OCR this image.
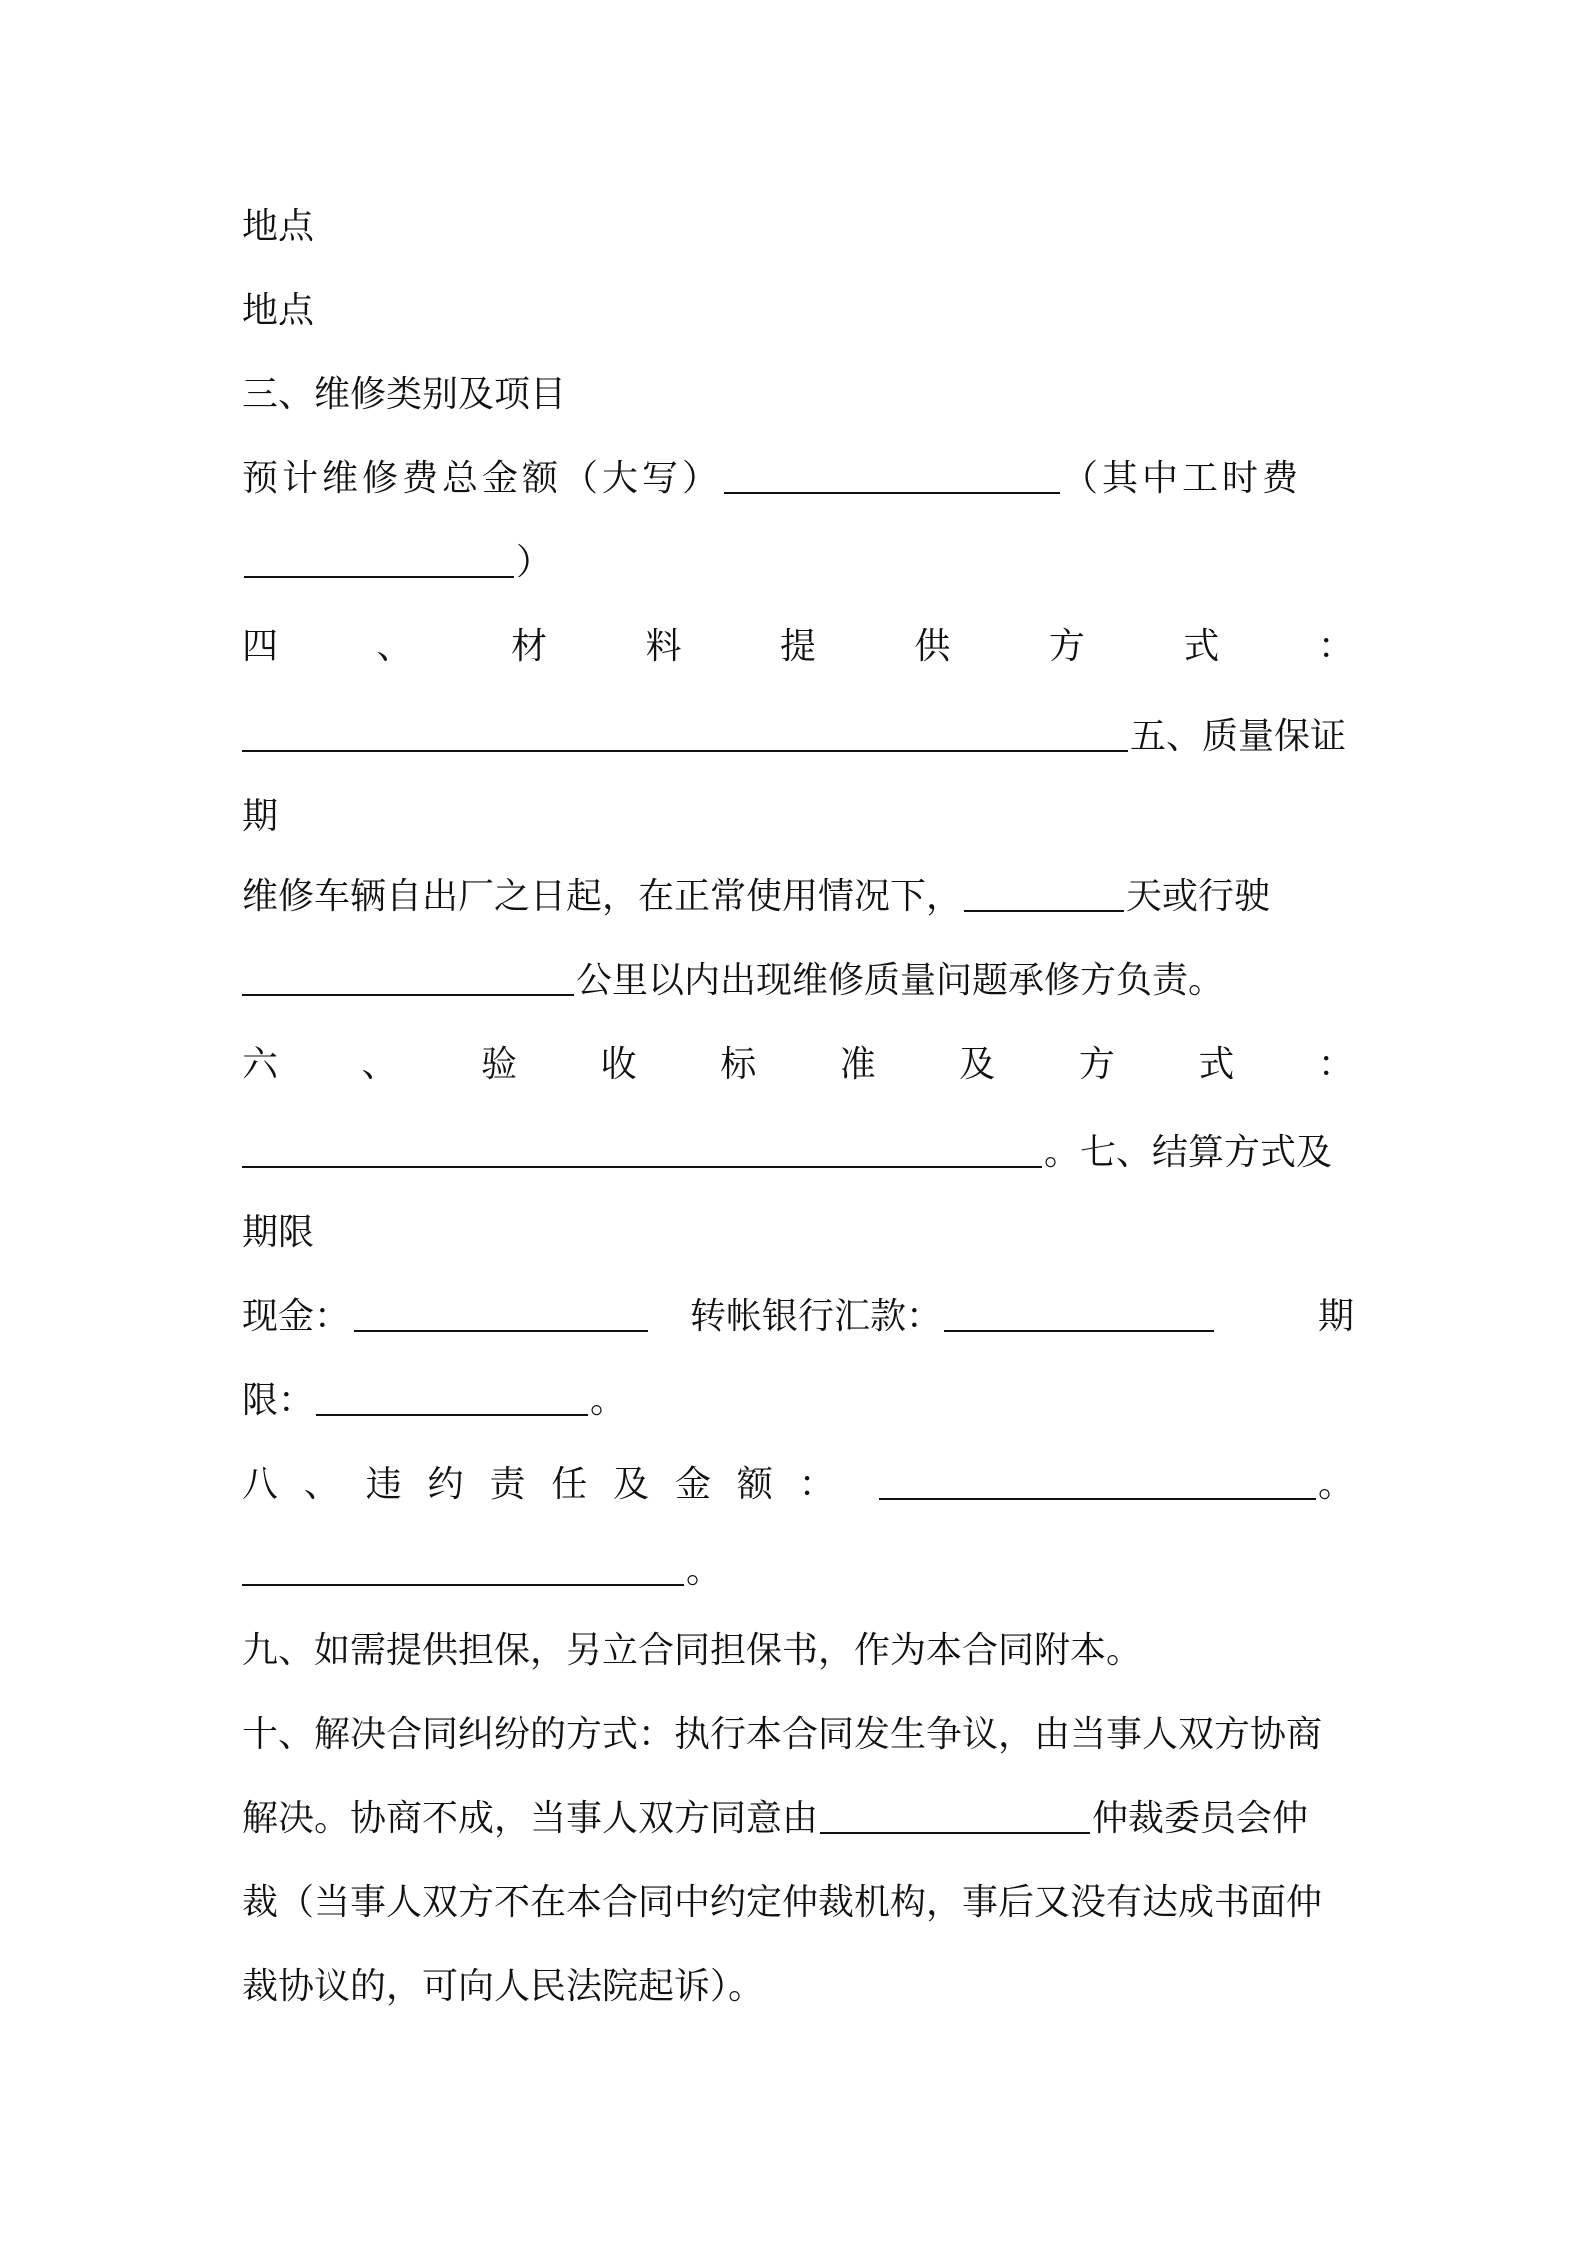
地点
地点
三、维修类别及项目
预计维修费总金额（大写）	（其中工时费
）
四	、	材	料	提	供	方	式	：
五、质量保证
期
维修车辆自出厂之日起，在正常使用情况下，	天或行驶
公里以内出现维修质量问题承修方负责。
六 、 验 收 标 准 及 方 式 ：
。七、结算方式及
期限
现金：	转帐银行汇款：	期
限：	。
八 、 违 约 责 任 及 金 额 ：	。
。
九、如需提供担保，另立合同担保书，作为本合同附本。
十、解决合同纠纷的方式：执行本合同发生争议，由当事人双方协商
解决。协商不成，当事人双方同意由	仲裁委员会仲
裁（当事人双方不在本合同中约定仲裁机构，事后又没有达成书面仲
裁协议的，可向人民法院起诉）。
